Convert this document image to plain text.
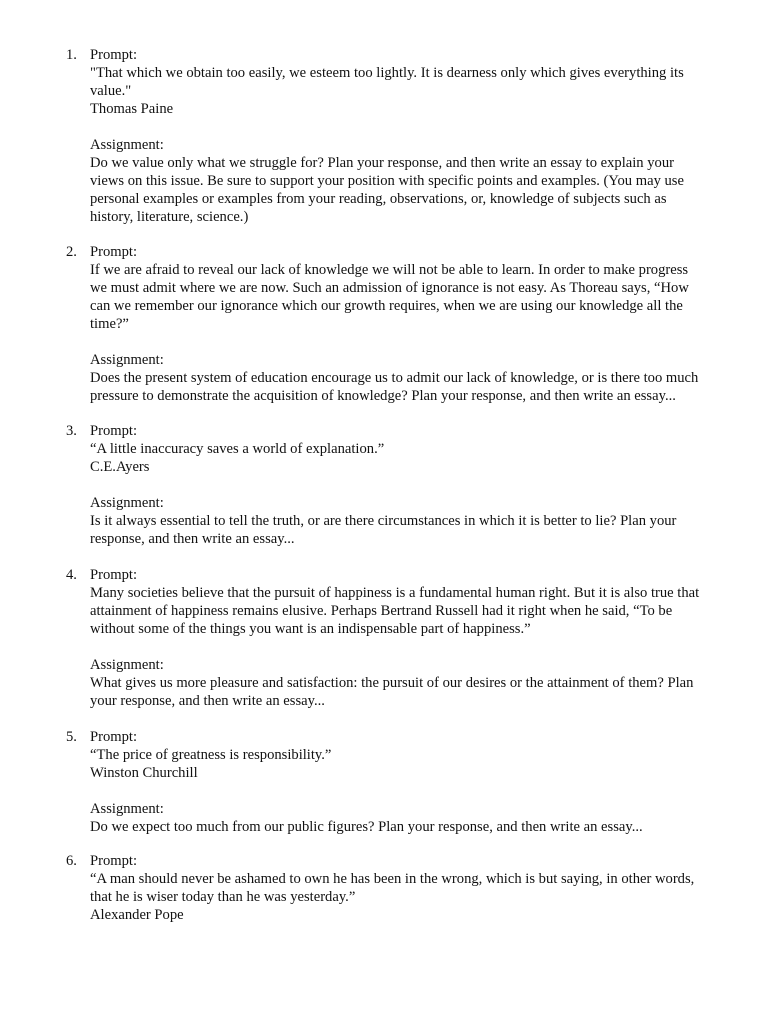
1. Prompt:
"That which we obtain too easily, we esteem too lightly. It is dearness only which gives everything its
value."
Thomas Paine
Assignment:
Do we value only what we struggle for? Plan your response, and then write an essay to explain your
views on this issue. Be sure to support your position with specific points and examples. (You may use
personal examples or examples from your reading, observations, or, knowledge of subjects such as
history, literature, science.)
2. Prompt:
If we are afraid to reveal our lack of knowledge we will not be able to learn. In order to make progress
we must admit where we are now. Such an admission of ignorance is not easy. As Thoreau says, “How
can we remember our ignorance which our growth requires, when we are using our knowledge all the
time?”
Assignment:
Does the present system of education encourage us to admit our lack of knowledge, or is there too much
pressure to demonstrate the acquisition of knowledge? Plan your response, and then write an essay...
3. Prompt:
“A little inaccuracy saves a world of explanation.”
C.E.Ayers
Assignment:
Is it always essential to tell the truth, or are there circumstances in which it is better to lie? Plan your
response, and then write an essay...
4. Prompt:
Many societies believe that the pursuit of happiness is a fundamental human right. But it is also true that
attainment of happiness remains elusive. Perhaps Bertrand Russell had it right when he said, “To be
without some of the things you want is an indispensable part of happiness.”
Assignment:
What gives us more pleasure and satisfaction: the pursuit of our desires or the attainment of them? Plan
your response, and then write an essay...
5. Prompt:
“The price of greatness is responsibility.”
Winston Churchill
Assignment:
Do we expect too much from our public figures? Plan your response, and then write an essay...
6. Prompt:
“A man should never be ashamed to own he has been in the wrong, which is but saying, in other words,
that he is wiser today than he was yesterday.”
Alexander Pope
